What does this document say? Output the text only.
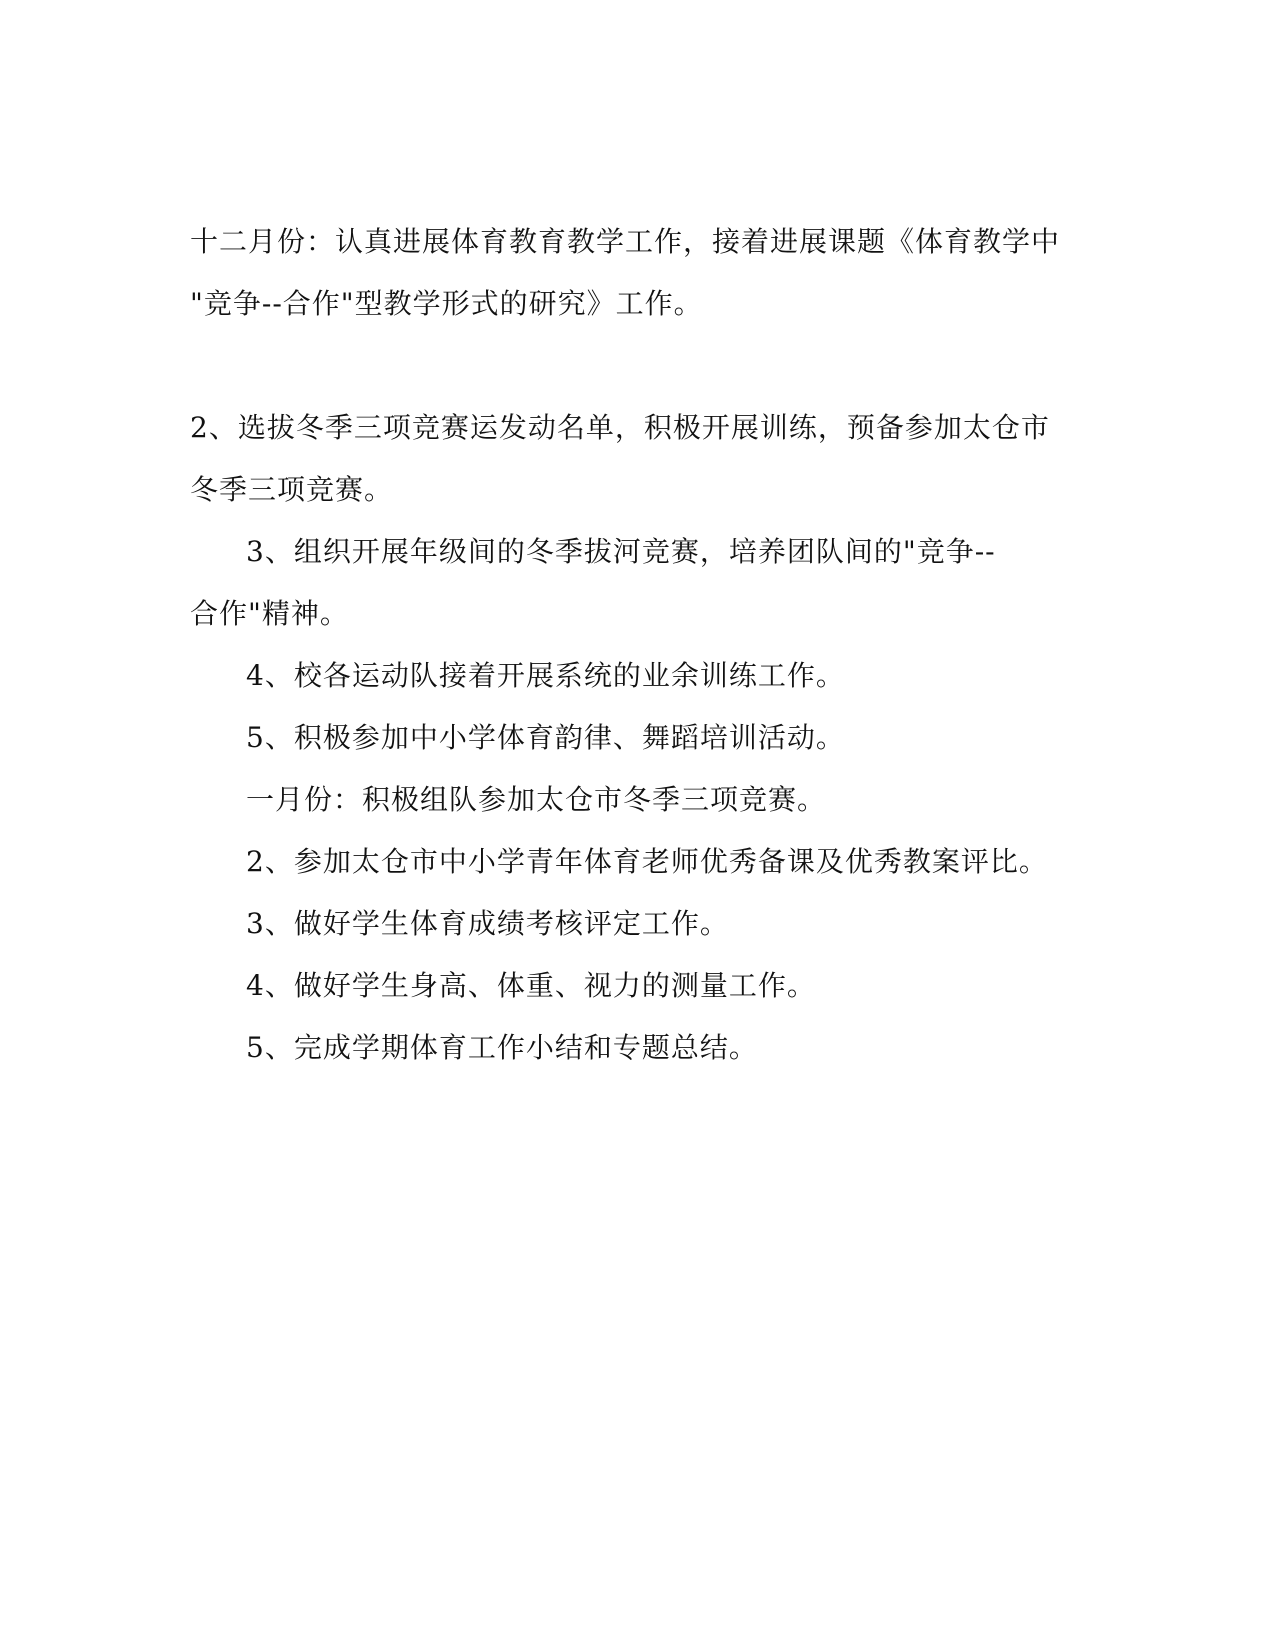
十二月份：认真进展体育教育教学工作，接着进展课题《体育教学中
"竞争--合作"型教学形式的研究》工作。
2、选拔冬季三项竞赛运发动名单，积极开展训练，预备参加太仓市
冬季三项竞赛。
3、组织开展年级间的冬季拔河竞赛，培养团队间的"竞争--
合作"精神。
4、校各运动队接着开展系统的业余训练工作。
5、积极参加中小学体育韵律、舞蹈培训活动。
一月份：积极组队参加太仓市冬季三项竞赛。
2、参加太仓市中小学青年体育老师优秀备课及优秀教案评比。
3、做好学生体育成绩考核评定工作。
4、做好学生身高、体重、视力的测量工作。
5、完成学期体育工作小结和专题总结。
